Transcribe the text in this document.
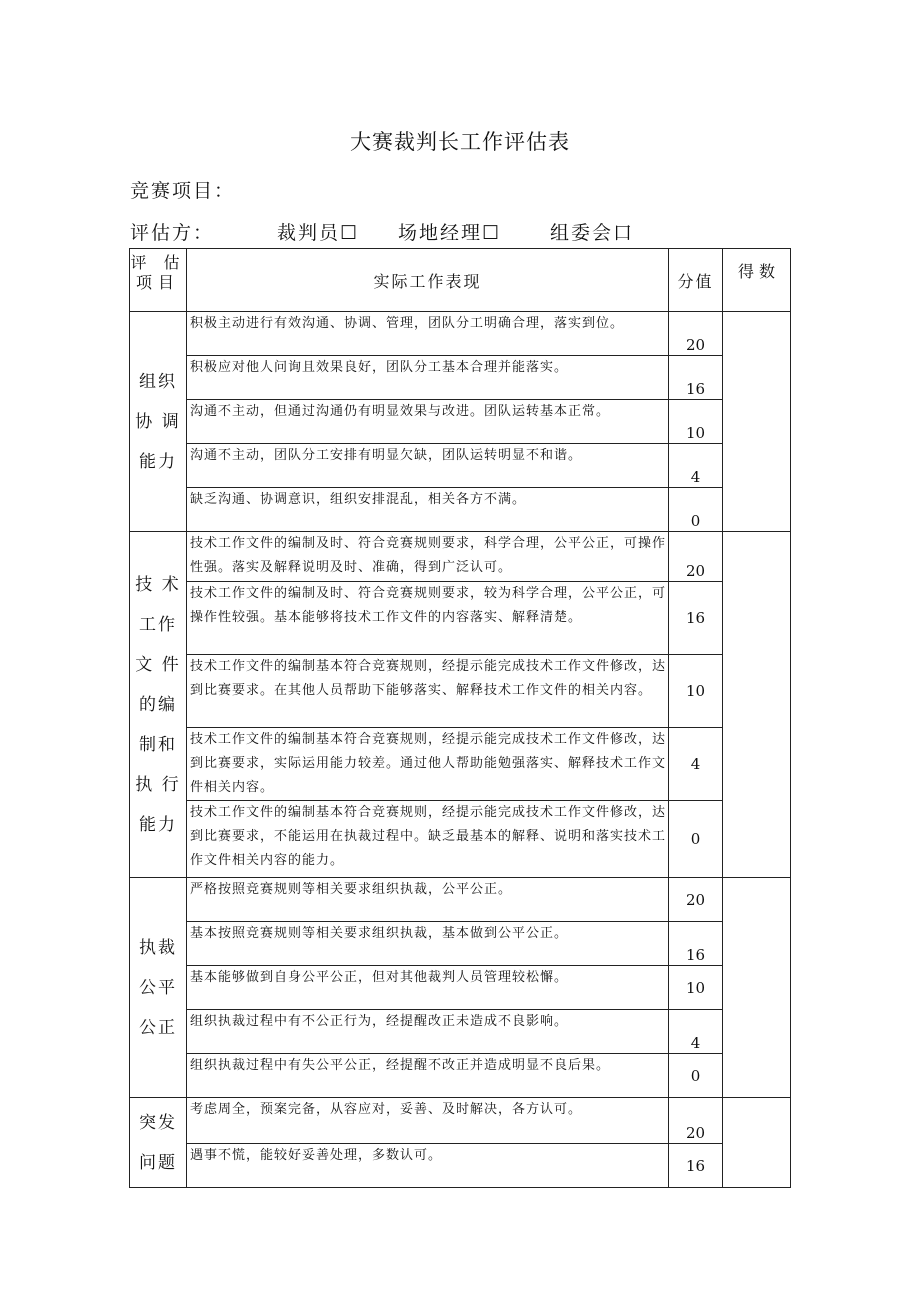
大赛裁判长工作评估表
竞赛项目：
评估方：	裁判员☐ 场地经理☐	组委会口
评 估 项目	实际工作表现	分值	得 数
组织协 调能力	积极主动进行有效沟通、协调、管理，团队分工明确合理，落实到位。	20	
	积极应对他人问询且效果良好，团队分工基本合理并能落实。	16	
	沟通不主动，但通过沟通仍有明显效果与改进。团队运转基本正常。	10	
	沟通不主动，团队分工安排有明显欠缺，团队运转明显不和谐。	4	
	缺乏沟通、协调意识，组织安排混乱，相关各方不满。	0	
技 术 工作文 件的编 制和执 行能力	技术工作文件的编制及时、符合竞赛规则要求，科学合理，公平公正，可操作性强。落实及解释说明及时、准确，得到广泛认可。	20	
	技术工作文件的编制及时、符合竞赛规则要求，较为科学合理，公平公正，可操作性较强。基本能够将技术工作文件的内容落实、解释清楚。	16	
	技术工作文件的编制基本符合竞赛规则，经提示能完成技术工作文件修改，达到比赛要求。在其他人员帮助下能够落实、解释技术工作文件的相关内容。	10	
	技术工作文件的编制基本符合竞赛规则，经提示能完成技术工作文件修改，达到比赛要求，实际运用能力较差。通过他人帮助能勉强落实、解释技术工作文件相关内容。	4	
	技术工作文件的编制基本符合竞赛规则，经提示能完成技术工作文件修改，达到比赛要求，不能运用在执裁过程中。缺乏最基本的解释、说明和落实技术工作文件相关内容的能力。	0	
执裁 公平 公正	严格按照竞赛规则等相关要求组织执裁，公平公正。	20	
	基本按照竞赛规则等相关要求组织执裁，基本做到公平公正。	16	
	基本能够做到自身公平公正，但对其他裁判人员管理较松懈。	10	
	组织执裁过程中有不公正行为，经提醒改正未造成不良影响。	4	
	组织执裁过程中有失公平公正，经提醒不改正并造成明显不良后果。	0	
突发 问题	考虑周全，预案完备，从容应对，妥善、及时解决，各方认可。	20	
	遇事不慌，能较好妥善处理，多数认可。	16	
